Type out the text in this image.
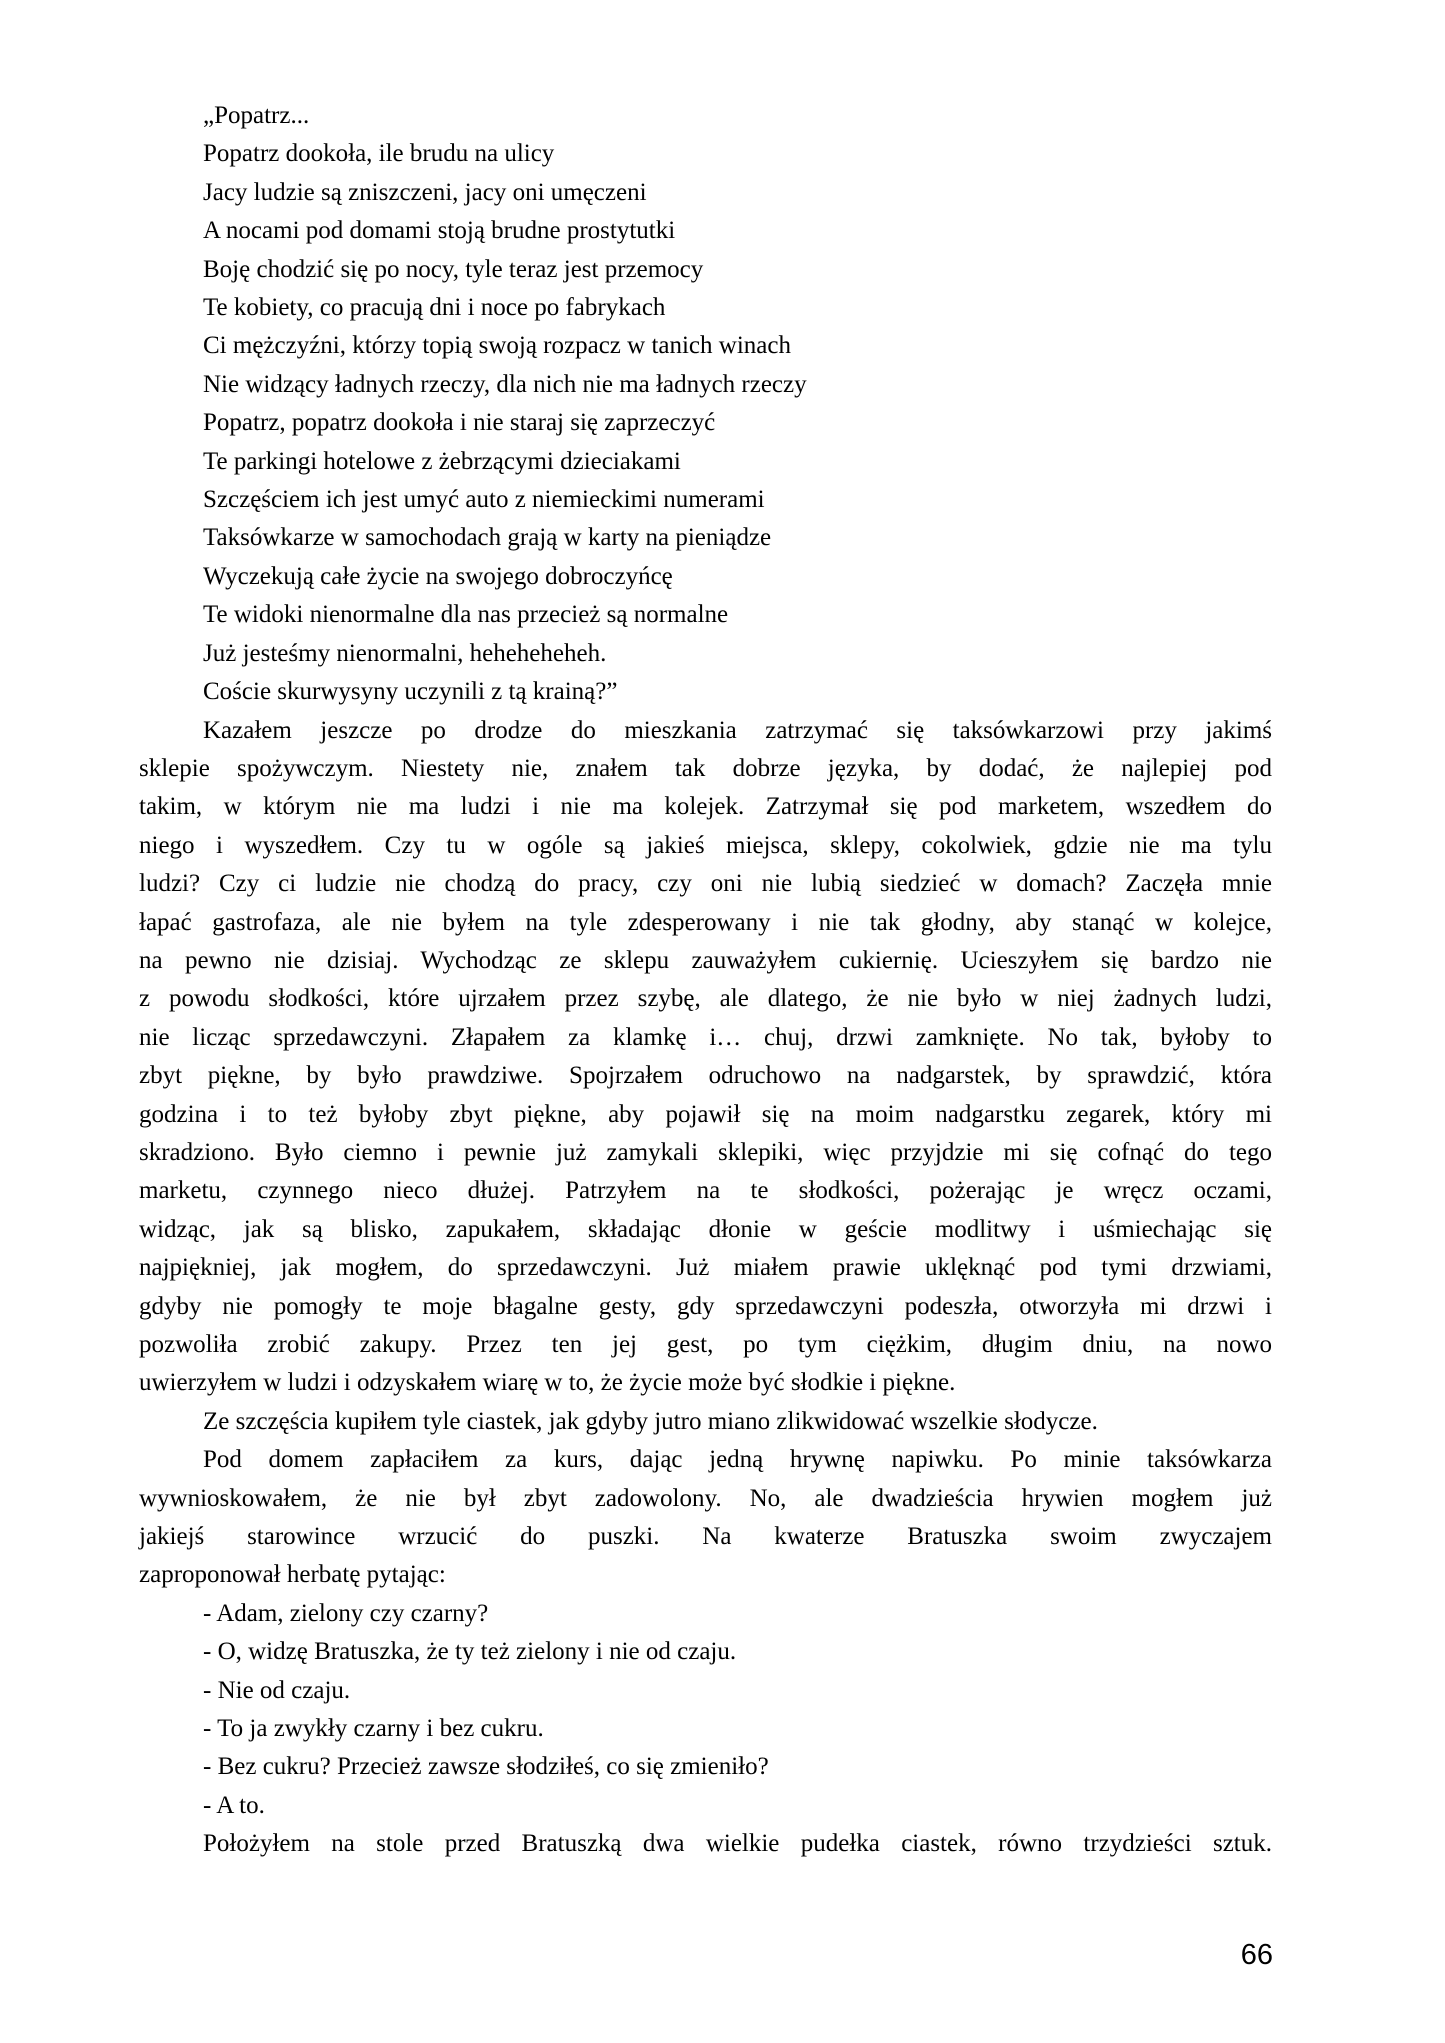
„Popatrz...
Popatrz dookoła, ile brudu na ulicy
Jacy ludzie są zniszczeni, jacy oni umęczeni
A nocami pod domami stoją brudne prostytutki
Boję chodzić się po nocy, tyle teraz jest przemocy
Te kobiety, co pracują dni i noce po fabrykach
Ci mężczyźni, którzy topią swoją rozpacz w tanich winach
Nie widzący ładnych rzeczy, dla nich nie ma ładnych rzeczy
Popatrz, popatrz dookoła i nie staraj się zaprzeczyć
Te parkingi hotelowe z żebrzącymi dzieciakami
Szczęściem ich jest umyć auto z niemieckimi numerami
Taksówkarze w samochodach grają w karty na pieniądze
Wyczekują całe życie na swojego dobroczyńcę
Te widoki nienormalne dla nas przecież są normalne
Już jesteśmy nienormalni, heheheheheh.
Coście skurwysyny uczynili z tą krainą?”
Kazałem jeszcze po drodze do mieszkania zatrzymać się taksówkarzowi przy jakimś
sklepie spożywczym. Niestety nie, znałem tak dobrze języka, by dodać, że najlepiej pod
takim, w którym nie ma ludzi i nie ma kolejek. Zatrzymał się pod marketem, wszedłem do
niego i wyszedłem. Czy tu w ogóle są jakieś miejsca, sklepy, cokolwiek, gdzie nie ma tylu
ludzi? Czy ci ludzie nie chodzą do pracy, czy oni nie lubią siedzieć w domach? Zaczęła mnie
łapać gastrofaza, ale nie byłem na tyle zdesperowany i nie tak głodny, aby stanąć w kolejce,
na pewno nie dzisiaj. Wychodząc ze sklepu zauważyłem cukiernię. Ucieszyłem się bardzo nie
z powodu słodkości, które ujrzałem przez szybę, ale dlatego, że nie było w niej żadnych ludzi,
nie licząc sprzedawczyni. Złapałem za klamkę i… chuj, drzwi zamknięte. No tak, byłoby to
zbyt piękne, by było prawdziwe. Spojrzałem odruchowo na nadgarstek, by sprawdzić, która
godzina i to też byłoby zbyt piękne, aby pojawił się na moim nadgarstku zegarek, który mi
skradziono. Było ciemno i pewnie już zamykali sklepiki, więc przyjdzie mi się cofnąć do tego
marketu, czynnego nieco dłużej. Patrzyłem na te słodkości, pożerając je wręcz oczami,
widząc, jak są blisko, zapukałem, składając dłonie w geście modlitwy i uśmiechając się
najpiękniej, jak mogłem, do sprzedawczyni. Już miałem prawie uklęknąć pod tymi drzwiami,
gdyby nie pomogły te moje błagalne gesty, gdy sprzedawczyni podeszła, otworzyła mi drzwi i
pozwoliła zrobić zakupy. Przez ten jej gest, po tym ciężkim, długim dniu, na nowo
uwierzyłem w ludzi i odzyskałem wiarę w to, że życie może być słodkie i piękne.
Ze szczęścia kupiłem tyle ciastek, jak gdyby jutro miano zlikwidować wszelkie słodycze.
Pod domem zapłaciłem za kurs, dając jedną hrywnę napiwku. Po minie taksówkarza
wywnioskowałem, że nie był zbyt zadowolony. No, ale dwadzieścia hrywien mogłem już
jakiejś starowince wrzucić do puszki. Na kwaterze Bratuszka swoim zwyczajem
zaproponował herbatę pytając:
- Adam, zielony czy czarny?
- O, widzę Bratuszka, że ty też zielony i nie od czaju.
- Nie od czaju.
- To ja zwykły czarny i bez cukru.
- Bez cukru? Przecież zawsze słodziłeś, co się zmieniło?
- A to.
Położyłem na stole przed Bratuszką dwa wielkie pudełka ciastek, równo trzydzieści sztuk.
66
